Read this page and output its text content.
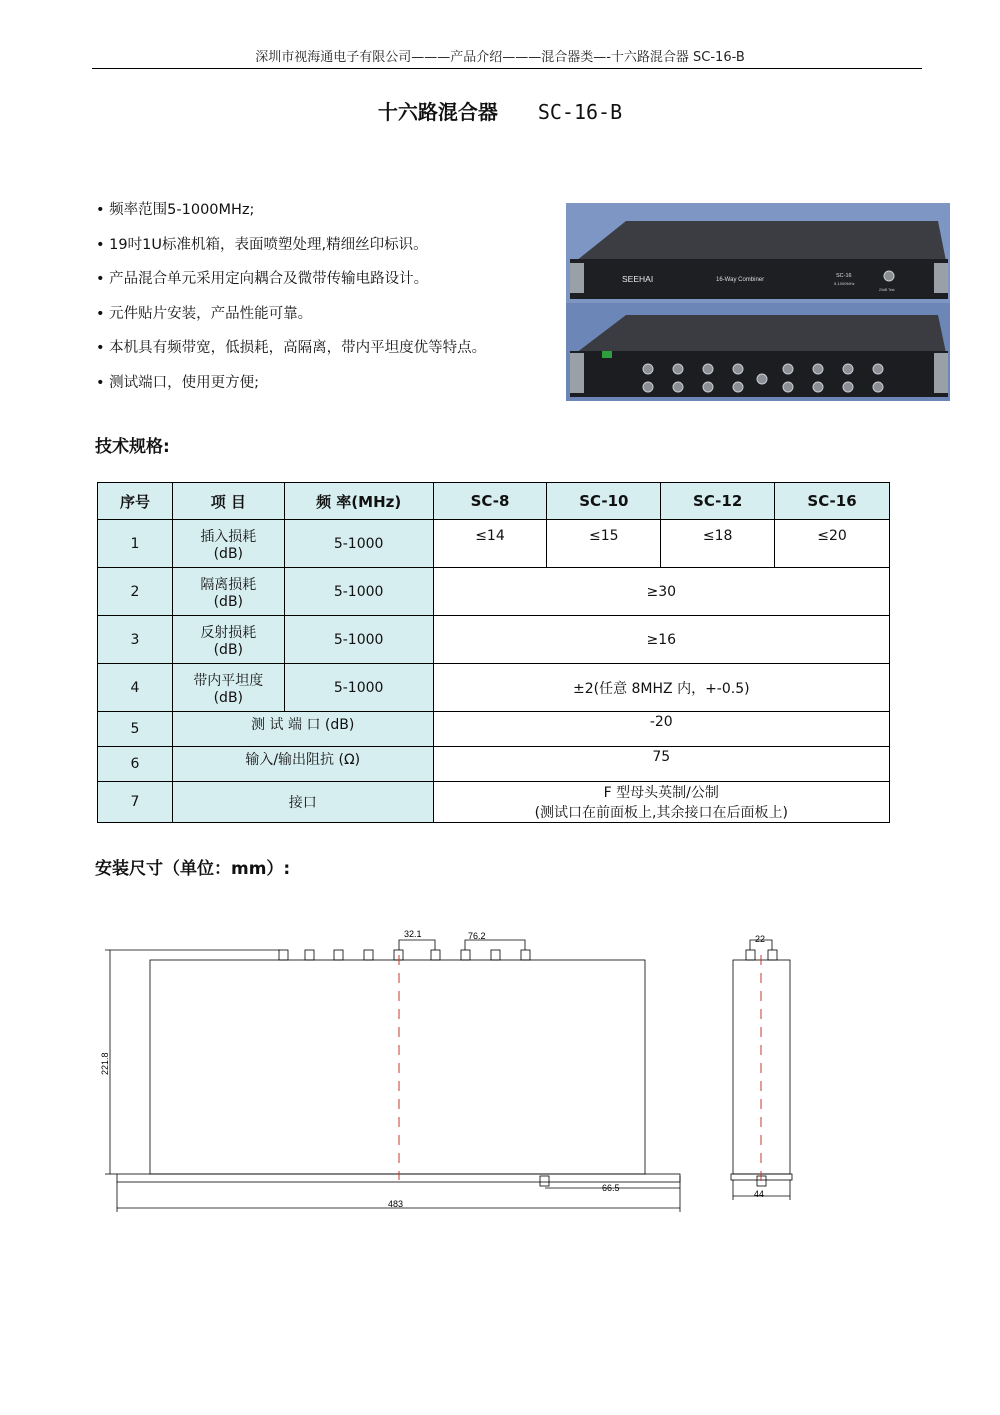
深圳市视海通电子有限公司———产品介绍———混合器类—-十六路混合器 SC-16-B
十六路混合器 SC-16-B
• 频率范围5-1000MHz;
• 19吋1U标准机箱，表面喷塑处理,精细丝印标识。
• 产品混合单元采用定向耦合及微带传输电路设计。
• 元件贴片安装，产品性能可靠。
• 本机具有频带宽，低损耗，高隔离，带内平坦度优等特点。
• 测试端口，使用更方便;
SEEHAI	16-Way Combiner
SC-16
5-1000MHz
20dB Test
技术规格:
序号	项 目	频 率(MHz)	SC-8	SC-10	SC-12	SC-16
1	插入损耗
(dB)	5-1000	≤14	≤15	≤18	≤20
2	隔离损耗
(dB)	5-1000	≥30			
3	反射损耗
(dB)	5-1000	≥16			
4	带内平坦度
(dB)	5-1000	±2(任意 8MHZ 内，+-0.5)			
5	测 试 端 口 (dB)		-20			
6	输入/输出阻抗 (Ω)		75			
7	接口		F 型母头英制/公制
(测试口在前面板上,其余接口在后面板上)			
安装尺寸（单位：mm）:
32.1	76.2
221.8
483
66.5
22
44
